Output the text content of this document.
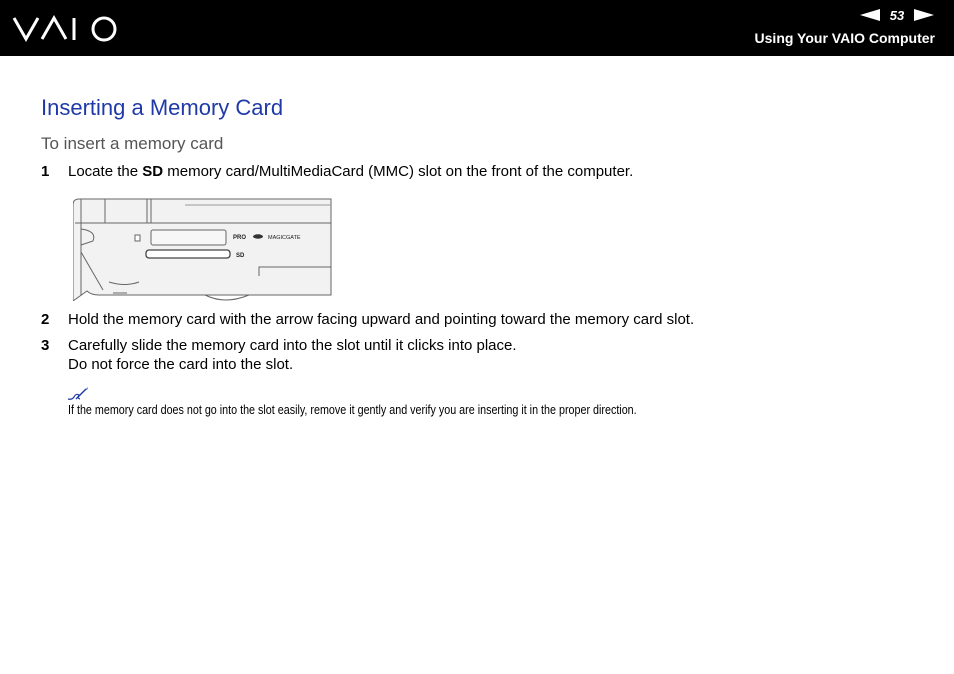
53
Using Your VAIO Computer
Inserting a Memory Card
To insert a memory card
1 Locate the SD memory card/MultiMediaCard (MMC) slot on the front of the computer.
PRO	MAGICGATE
SD
2 Hold the memory card with the arrow facing upward and pointing toward the memory card slot.
3 Carefully slide the memory card into the slot until it clicks into place.
Do not force the card into the slot.
If the memory card does not go into the slot easily, remove it gently and verify you are inserting it in the proper direction.
